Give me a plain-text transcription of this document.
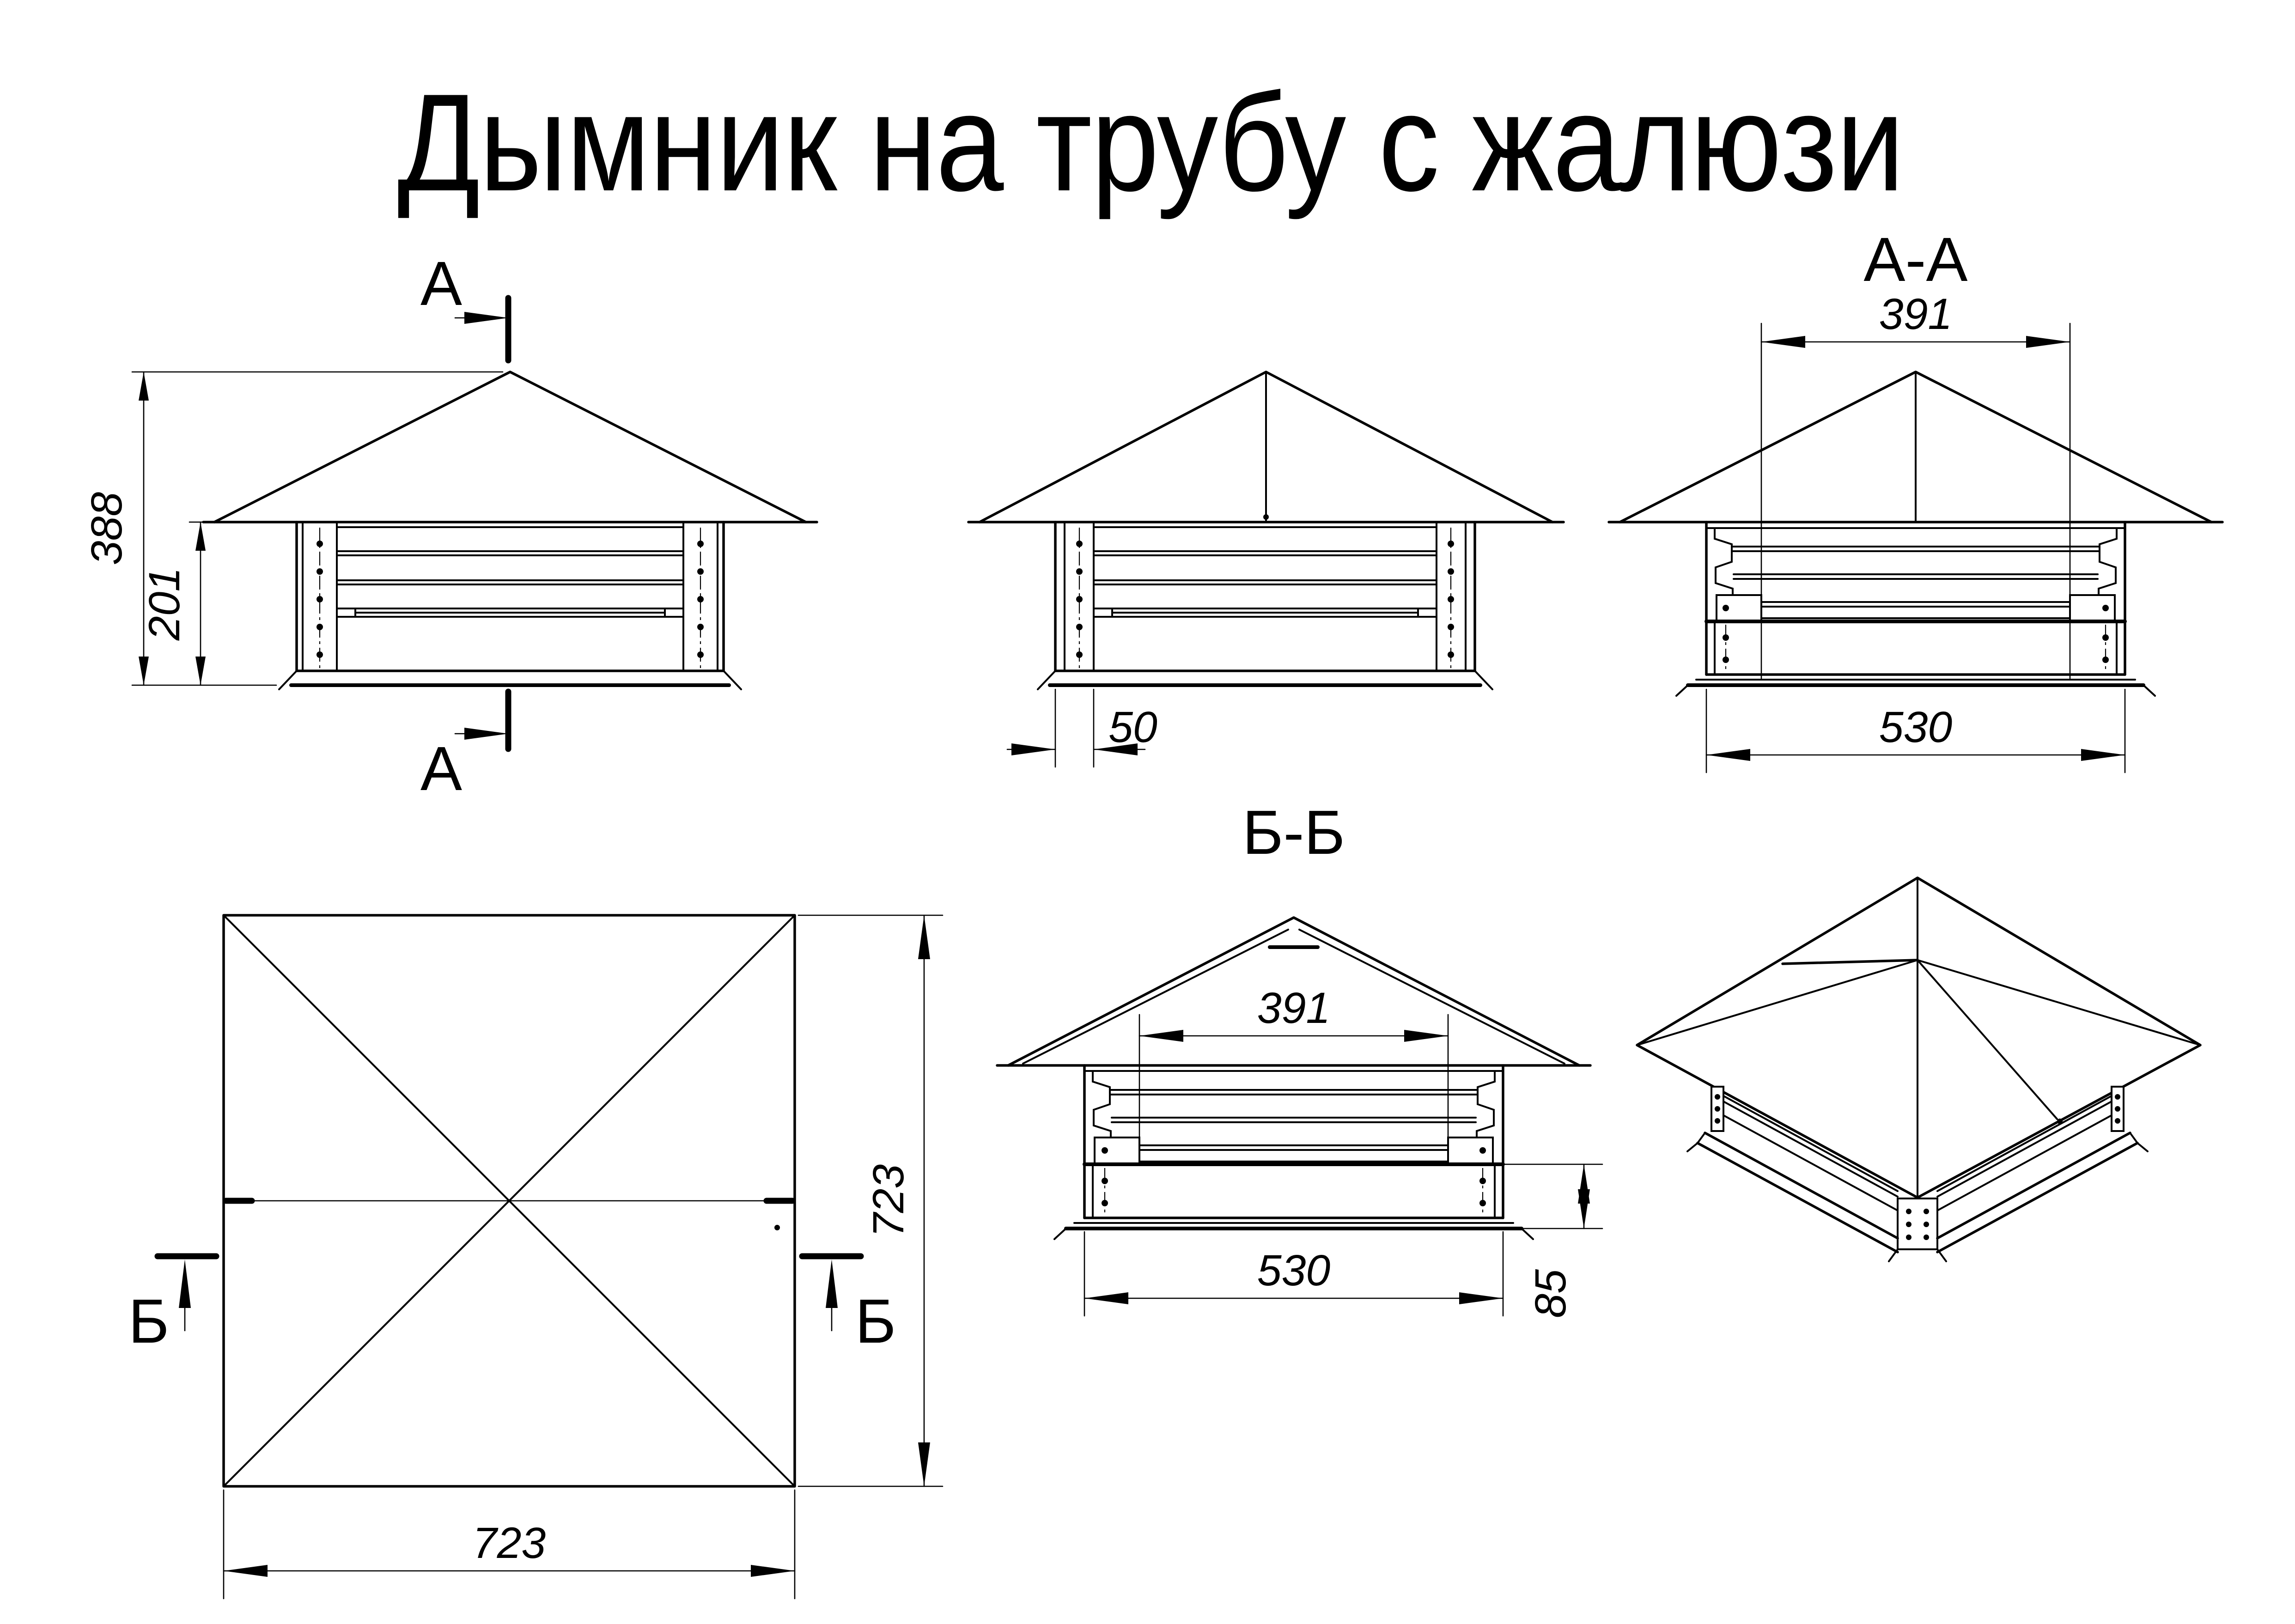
Дымник на трубу с жалюзи
А
А
388
201
50
А-А
391
530
Б	Б
723
723
Б-Б
391
530	85
